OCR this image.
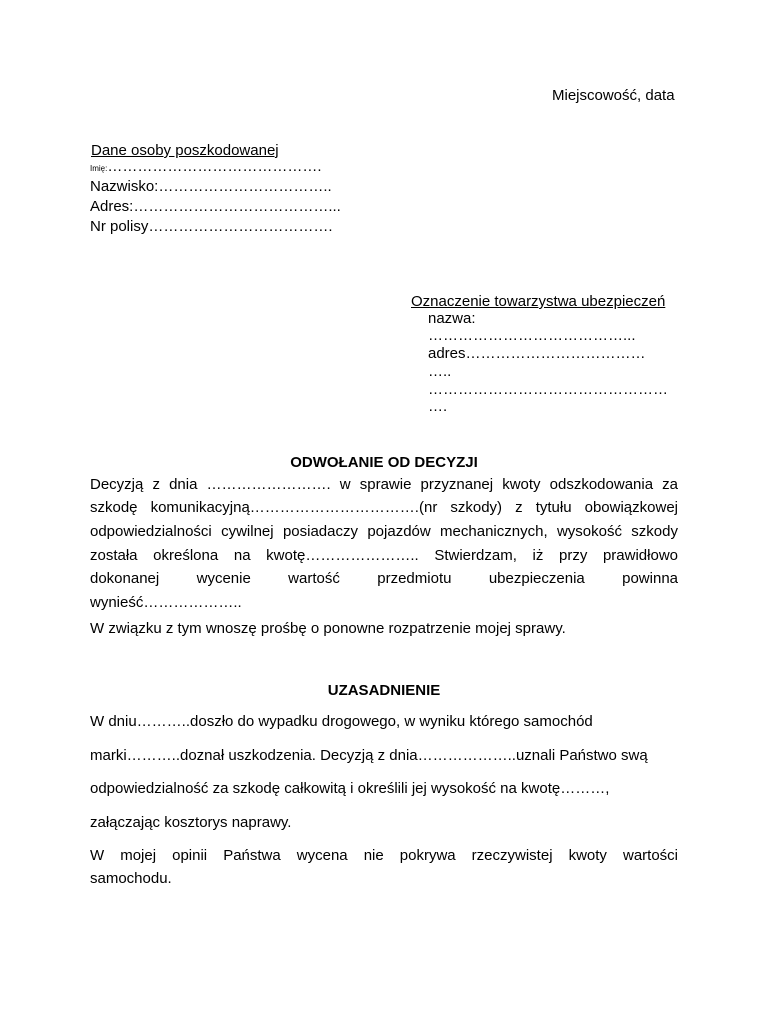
Miejscowość, data
Dane osoby poszkodowanej
Imię:…………………………………….
Nazwisko:……………………………..
Adres:…………………………………...
Nr polisy……………………………….
Oznaczenie towarzystwa ubezpieczeń
nazwa:
…………………………………...
adres………………………………
…..
…………………………………………
….
ODWOŁANIE OD DECYZJI
Decyzją z dnia ……………………. w sprawie przyznanej kwoty odszkodowania za
szkodę komunikacyjną…………………………….(nr szkody) z tytułu obowiązkowej
odpowiedzialności cywilnej posiadaczy pojazdów mechanicznych, wysokość szkody
została określona na kwotę………………….. Stwierdzam, iż przy prawidłowo
dokonanej wycenie wartość przedmiotu ubezpieczenia powinna
wynieść………………..
W związku z tym wnoszę prośbę o ponowne rozpatrzenie mojej sprawy.
UZASADNIENIE
W dniu………..doszło do wypadku drogowego, w wyniku którego samochód
marki………..doznał uszkodzenia. Decyzją z dnia………………..uznali Państwo swą
odpowiedzialność za szkodę całkowitą i określili jej wysokość na kwotę………,
załączając kosztorys naprawy.
W mojej opinii Państwa wycena nie pokrywa rzeczywistej kwoty wartości
samochodu.
